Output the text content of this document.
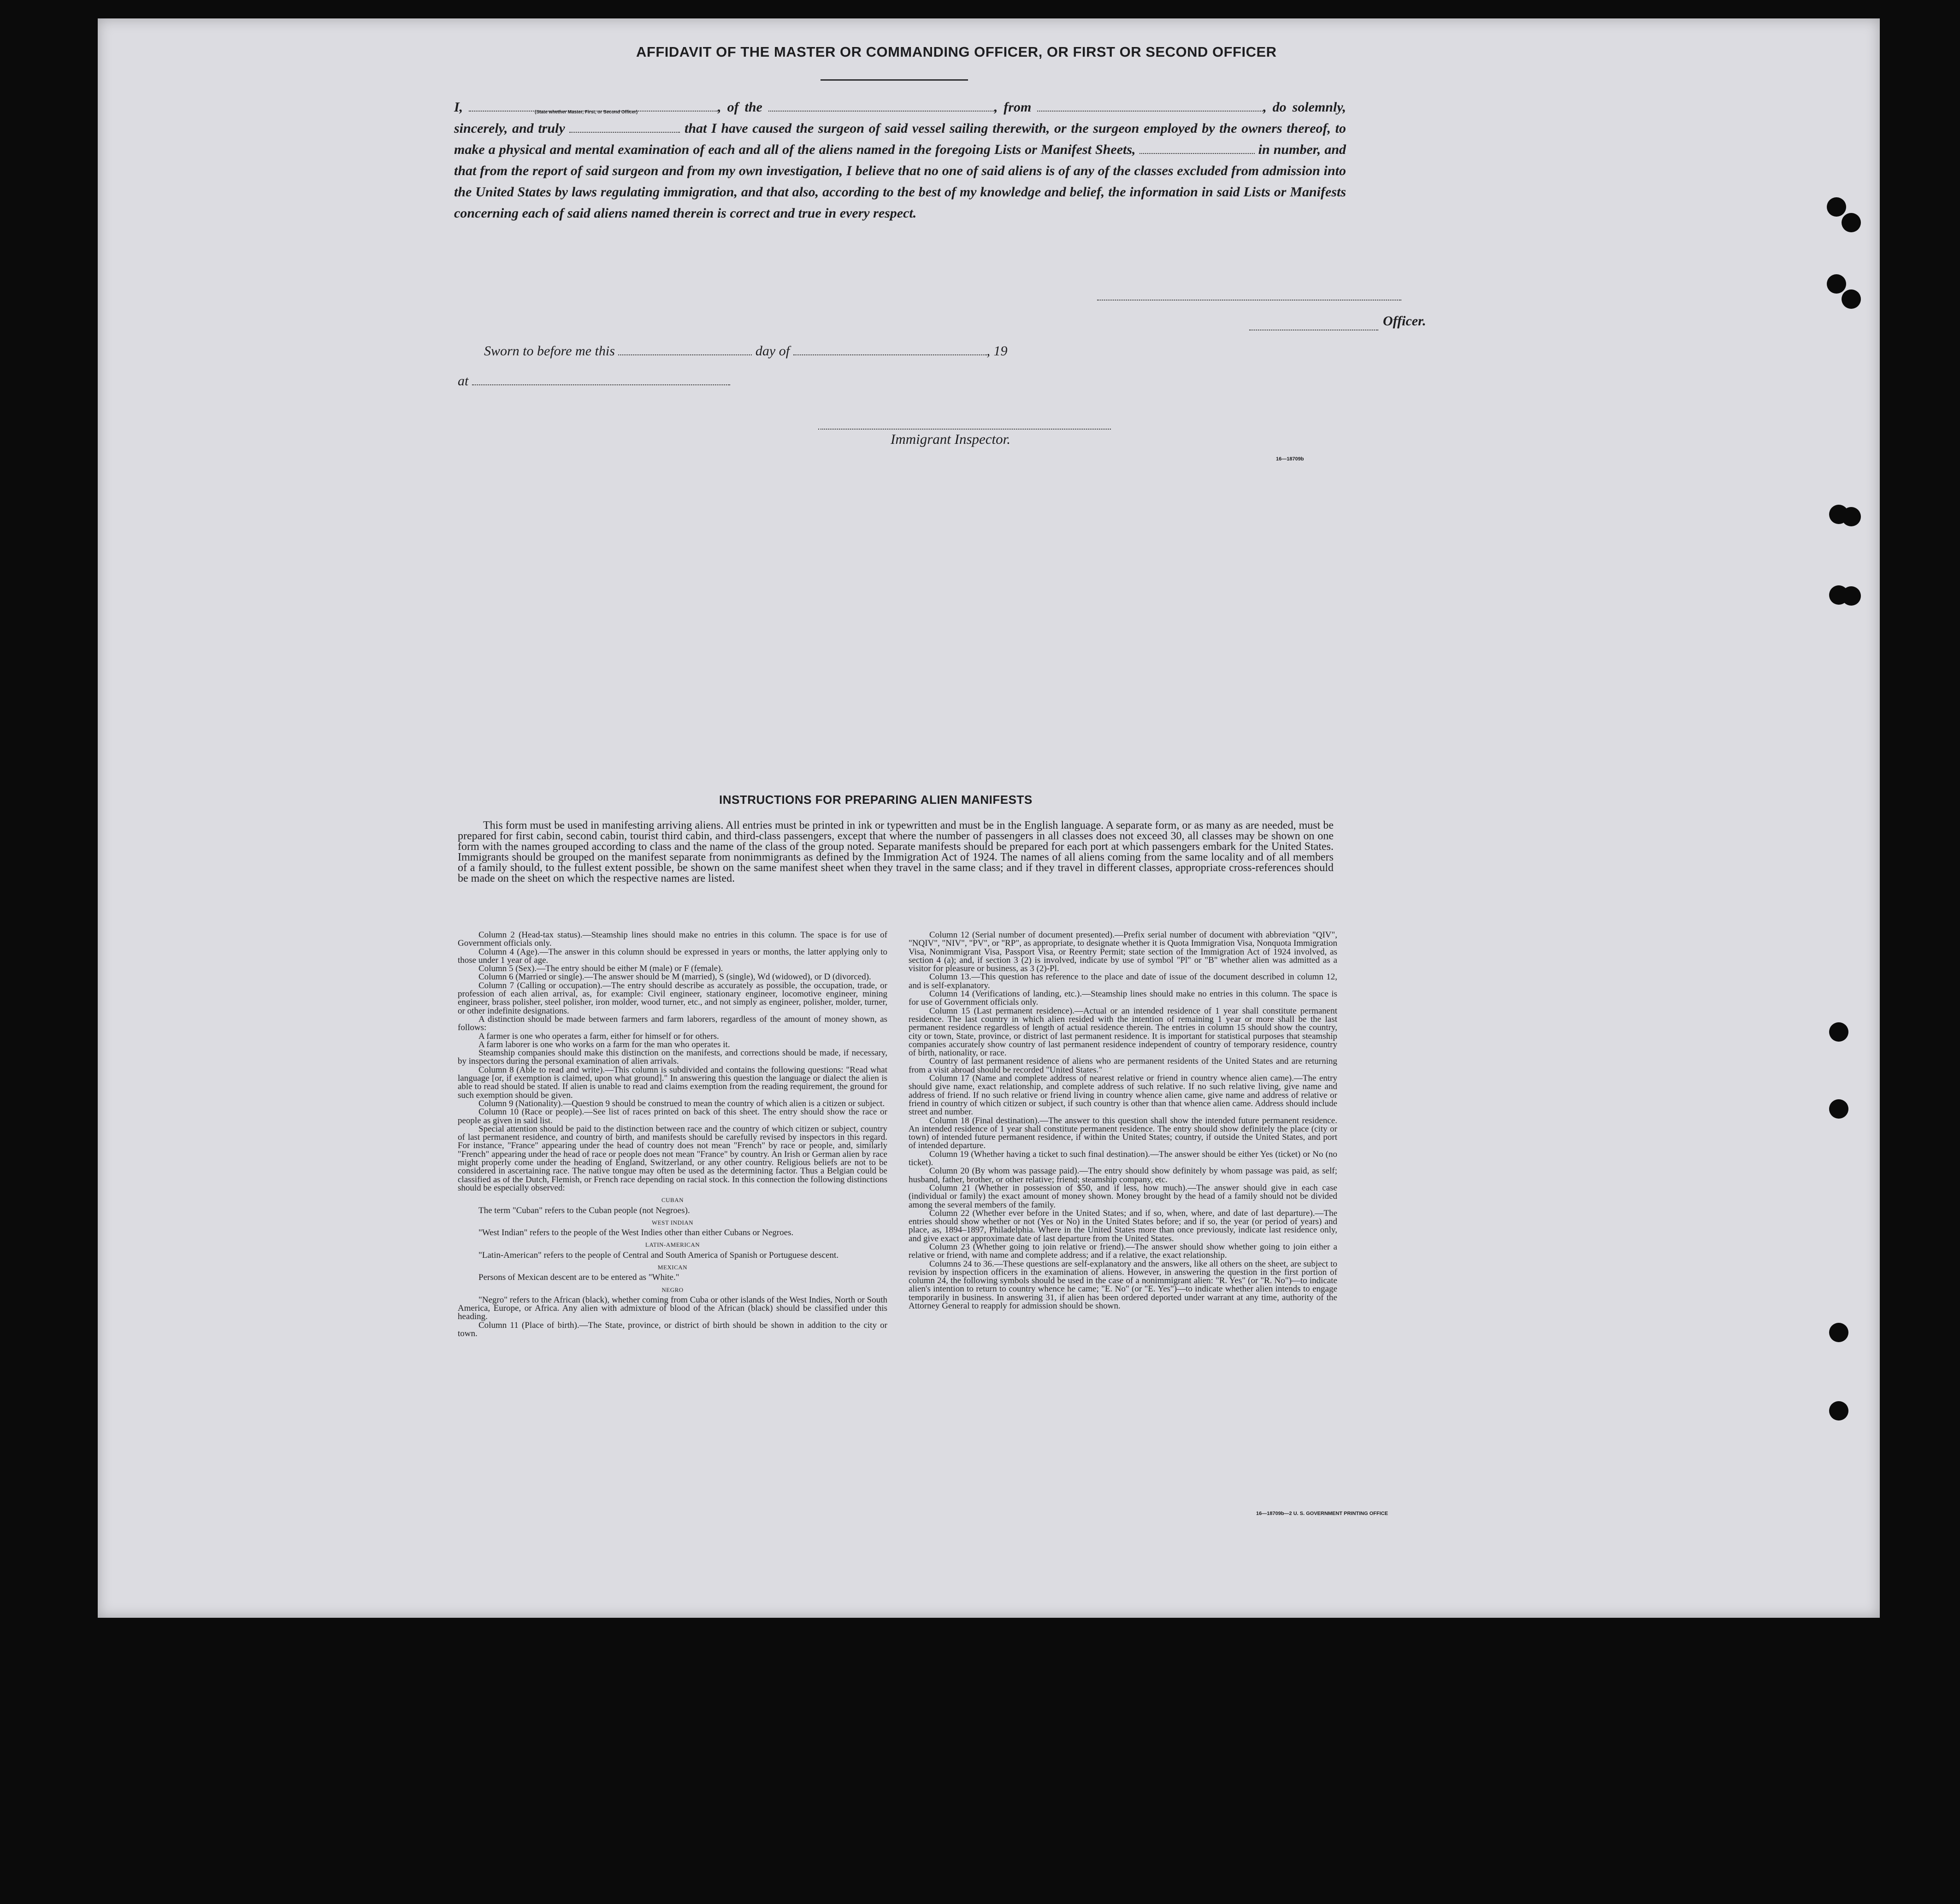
AFFIDAVIT OF THE MASTER OR COMMANDING OFFICER, OR FIRST OR SECOND OFFICER

I,	, of the	, from	, do solemnly, sincerely, and truly	that I have caused the surgeon of said vessel sailing therewith, or the surgeon employed by the owners thereof, to make a physical and mental examination of each and all of the aliens named in the foregoing Lists or Manifest Sheets,	in number, and that from the report of said surgeon and from my own investigation, I believe that no one of said aliens is of any of the classes excluded from admission into the United States by laws regulating immigration, and that also, according to the best of my knowledge and belief, the information in said Lists or Manifests concerning each of said aliens named therein is correct and true in every respect.

(State whether Master, First, or Second Officer)
Officer.
Sworn to before me this	day of	, 19
at
Immigrant Inspector.
16—18709b
INSTRUCTIONS FOR PREPARING ALIEN MANIFESTS

This form must be used in manifesting arriving aliens. All entries must be printed in ink or typewritten and must be in the English language. A separate form, or as many as are needed, must be prepared for first cabin, second cabin, tourist third cabin, and third-class passengers, except that where the number of passengers in all classes does not exceed 30, all classes may be shown on one form with the names grouped according to class and the name of the class of the group noted. Separate manifests should be prepared for each port at which passengers embark for the United States. Immigrants should be grouped on the manifest separate from nonimmigrants as defined by the Immigration Act of 1924. The names of all aliens coming from the same locality and of all members of a family should, to the fullest extent possible, be shown on the same manifest sheet when they travel in the same class; and if they travel in different classes, appropriate cross-references should be made on the sheet on which the respective names are listed.

Column 2 (Head-tax status).—Steamship lines should make no entries in this column. The space is for use of Government officials only.

Column 4 (Age).—The answer in this column should be expressed in years or months, the latter applying only to those under 1 year of age.

Column 5 (Sex).—The entry should be either M (male) or F (female).

Column 6 (Married or single).—The answer should be M (married), S (single), Wd (widowed), or D (divorced).

Column 7 (Calling or occupation).—The entry should describe as accurately as possible, the occupation, trade, or profession of each alien arrival, as, for example: Civil engineer, stationary engineer, locomotive engineer, mining engineer, brass polisher, steel polisher, iron molder, wood turner, etc., and not simply as engineer, polisher, molder, turner, or other indefinite designations.

A distinction should be made between farmers and farm laborers, regardless of the amount of money shown, as follows:

A farmer is one who operates a farm, either for himself or for others.

A farm laborer is one who works on a farm for the man who operates it.

Steamship companies should make this distinction on the manifests, and corrections should be made, if necessary, by inspectors during the personal examination of alien arrivals.

Column 8 (Able to read and write).—This column is subdivided and contains the following questions: "Read what language [or, if exemption is claimed, upon what ground]." In answering this question the language or dialect the alien is able to read should be stated. If alien is unable to read and claims exemption from the reading requirement, the ground for such exemption should be given.

Column 9 (Nationality).—Question 9 should be construed to mean the country of which alien is a citizen or subject.

Column 10 (Race or people).—See list of races printed on back of this sheet. The entry should show the race or people as given in said list.

Special attention should be paid to the distinction between race and the country of which citizen or subject, country of last permanent residence, and country of birth, and manifests should be carefully revised by inspectors in this regard. For instance, "France" appearing under the head of country does not mean "French" by race or people, and, similarly "French" appearing under the head of race or people does not mean "France" by country. An Irish or German alien by race might properly come under the heading of England, Switzerland, or any other country. Religious beliefs are not to be considered in ascertaining race. The native tongue may often be used as the determining factor. Thus a Belgian could be classified as of the Dutch, Flemish, or French race depending on racial stock. In this connection the following distinctions should be especially observed:

CUBAN

The term "Cuban" refers to the Cuban people (not Negroes).

WEST INDIAN

"West Indian" refers to the people of the West Indies other than either Cubans or Negroes.

LATIN-AMERICAN

"Latin-American" refers to the people of Central and South America of Spanish or Portuguese descent.

MEXICAN

Persons of Mexican descent are to be entered as "White."

NEGRO

"Negro" refers to the African (black), whether coming from Cuba or other islands of the West Indies, North or South America, Europe, or Africa. Any alien with admixture of blood of the African (black) should be classified under this heading.

Column 11 (Place of birth).—The State, province, or district of birth should be shown in addition to the city or town.

Column 12 (Serial number of document presented).—Prefix serial number of document with abbreviation "QIV", "NQIV", "NIV", "PV", or "RP", as appropriate, to designate whether it is Quota Immigration Visa, Nonquota Immigration Visa, Nonimmigrant Visa, Passport Visa, or Reentry Permit; state section of the Immigration Act of 1924 involved, as section 4 (a); and, if section 3 (2) is involved, indicate by use of symbol "Pl" or "B" whether alien was admitted as a visitor for pleasure or business, as 3 (2)-Pl.

Column 13.—This question has reference to the place and date of issue of the document described in column 12, and is self-explanatory.

Column 14 (Verifications of landing, etc.).—Steamship lines should make no entries in this column. The space is for use of Government officials only.

Column 15 (Last permanent residence).—Actual or an intended residence of 1 year shall constitute permanent residence. The last country in which alien resided with the intention of remaining 1 year or more shall be the last permanent residence regardless of length of actual residence therein. The entries in column 15 should show the country, city or town, State, province, or district of last permanent residence. It is important for statistical purposes that steamship companies accurately show country of last permanent residence independent of country of temporary residence, country of birth, nationality, or race.

Country of last permanent residence of aliens who are permanent residents of the United States and are returning from a visit abroad should be recorded "United States."

Column 17 (Name and complete address of nearest relative or friend in country whence alien came).—The entry should give name, exact relationship, and complete address of such relative. If no such relative living, give name and address of friend. If no such relative or friend living in country whence alien came, give name and address of relative or friend in country of which citizen or subject, if such country is other than that whence alien came. Address should include street and number.

Column 18 (Final destination).—The answer to this question shall show the intended future permanent residence. An intended residence of 1 year shall constitute permanent residence. The entry should show definitely the place (city or town) of intended future permanent residence, if within the United States; country, if outside the United States, and port of intended departure.

Column 19 (Whether having a ticket to such final destination).—The answer should be either Yes (ticket) or No (no ticket).

Column 20 (By whom was passage paid).—The entry should show definitely by whom passage was paid, as self; husband, father, brother, or other relative; friend; steamship company, etc.

Column 21 (Whether in possession of $50, and if less, how much).—The answer should give in each case (individual or family) the exact amount of money shown. Money brought by the head of a family should not be divided among the several members of the family.

Column 22 (Whether ever before in the United States; and if so, when, where, and date of last departure).—The entries should show whether or not (Yes or No) in the United States before; and if so, the year (or period of years) and place, as, 1894–1897, Philadelphia. Where in the United States more than once previously, indicate last residence only, and give exact or approximate date of last departure from the United States.

Column 23 (Whether going to join relative or friend).—The answer should show whether going to join either a relative or friend, with name and complete address; and if a relative, the exact relationship.

Columns 24 to 36.—These questions are self-explanatory and the answers, like all others on the sheet, are subject to revision by inspection officers in the examination of aliens. However, in answering the question in the first portion of column 24, the following symbols should be used in the case of a nonimmigrant alien: "R. Yes" (or "R. No")—to indicate alien's intention to return to country whence he came; "E. No" (or "E. Yes")—to indicate whether alien intends to engage temporarily in business. In answering 31, if alien has been ordered deported under warrant at any time, authority of the Attorney General to reapply for admission should be shown.

16—18709b—2 U. S. GOVERNMENT PRINTING OFFICE
